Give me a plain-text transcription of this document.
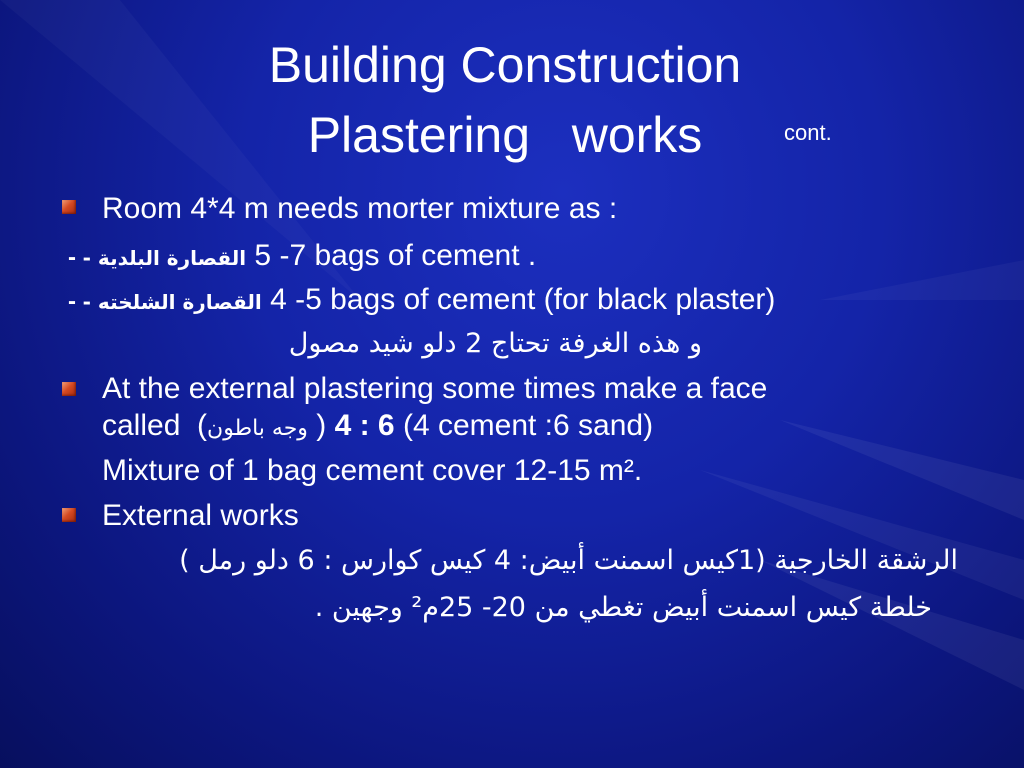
Building Construction
Plastering   works	cont.
Room 4*4 m needs morter mixture as :
- القصارة البلدية - 5 -7 bags of cement .
- القصارة الشلخته - 4 -5 bags of cement (for black plaster)
و هذه الغرفة تحتاج 2 دلو شيد مصول
At the external plastering some times make a face
called  (وجه باطون ) 4 : 6 (4 cement :6 sand)
Mixture of 1 bag cement cover 12-15 m².
External works
الرشقة الخارجية (1كيس اسمنت أبيض: 4 كيس كوارس : 6 دلو رمل )
خلطة كيس اسمنت أبيض تغطي من 20- 25م² وجهين .
